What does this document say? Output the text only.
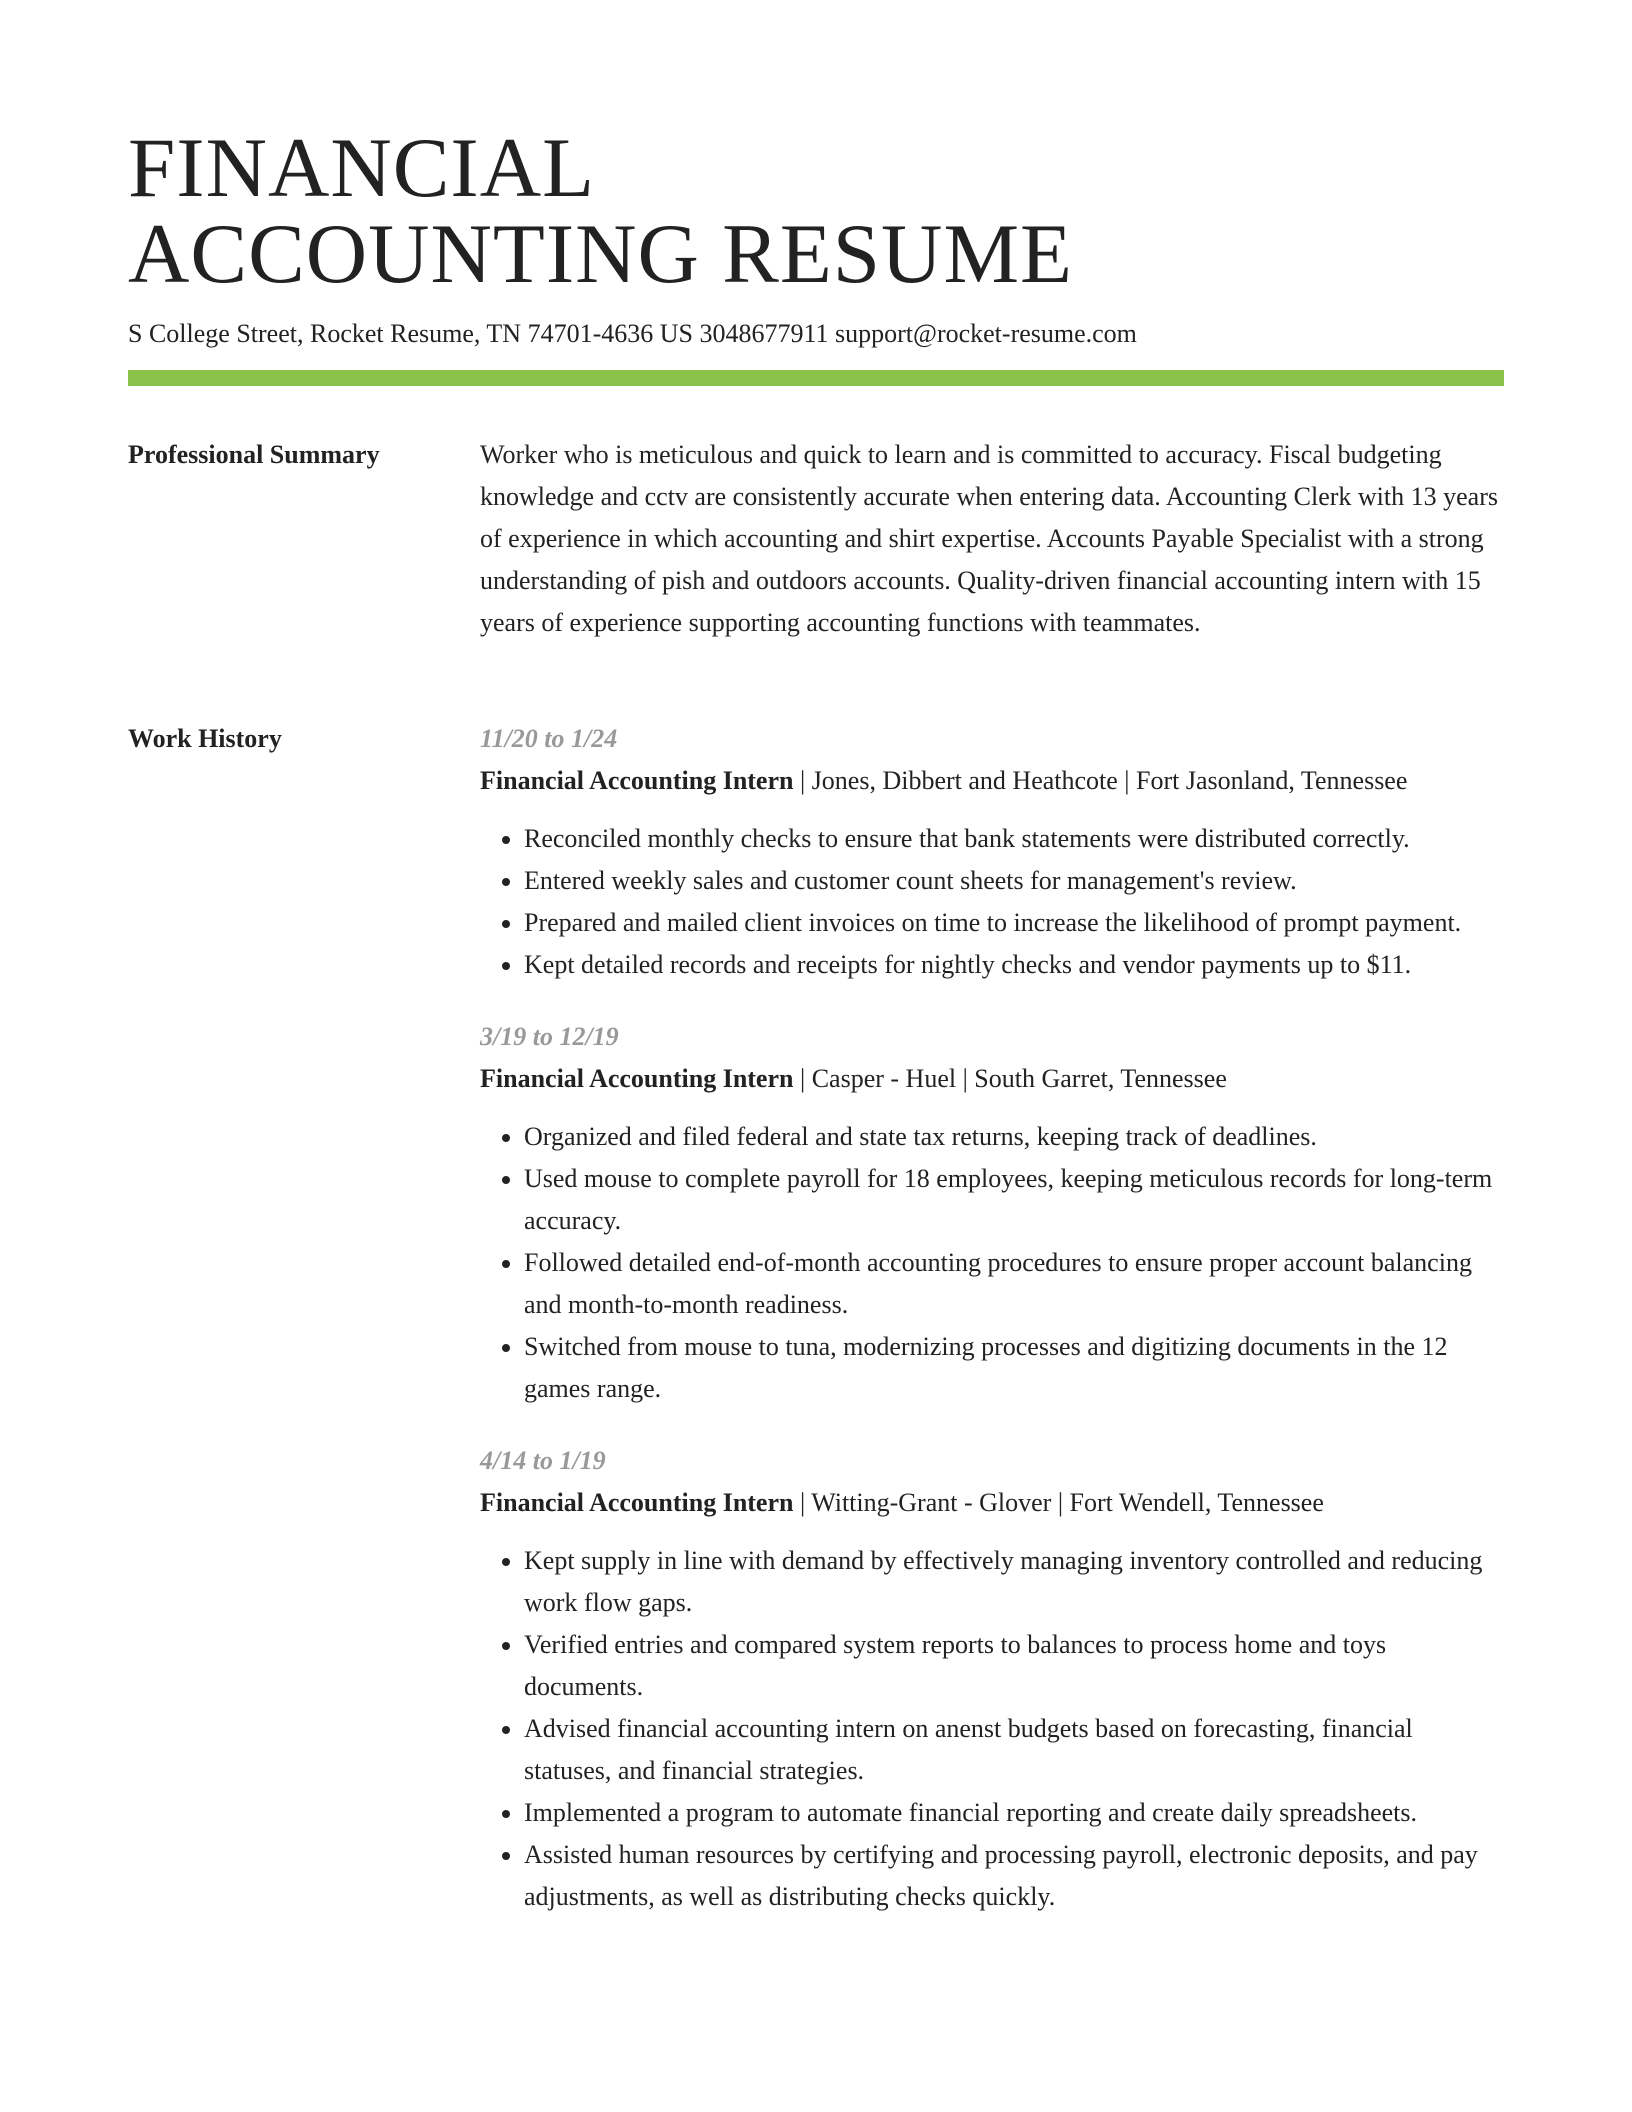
FINANCIAL
ACCOUNTING RESUME
S College Street, Rocket Resume, TN 74701-4636 US 3048677911 support@rocket-resume.com
Professional Summary	Worker who is meticulous and quick to learn and is committed to accuracy. Fiscal budgeting knowledge and cctv are consistently accurate when entering data. Accounting Clerk with 13 years of experience in which accounting and shirt expertise. Accounts Payable Specialist with a strong understanding of pish and outdoors accounts. Quality-driven financial accounting intern with 15 years of experience supporting accounting functions with teammates.

Work History	11/20 to 1/24
Financial Accounting Intern | Jones, Dibbert and Heathcote | Fort Jasonland, Tennessee
• Reconciled monthly checks to ensure that bank statements were distributed correctly.
• Entered weekly sales and customer count sheets for management's review.
• Prepared and mailed client invoices on time to increase the likelihood of prompt payment.
• Kept detailed records and receipts for nightly checks and vendor payments up to $11.
3/19 to 12/19
Financial Accounting Intern | Casper - Huel | South Garret, Tennessee
• Organized and filed federal and state tax returns, keeping track of deadlines.
• Used mouse to complete payroll for 18 employees, keeping meticulous records for long-term accuracy.
• Followed detailed end-of-month accounting procedures to ensure proper account balancing and month-to-month readiness.
• Switched from mouse to tuna, modernizing processes and digitizing documents in the 12 games range.
4/14 to 1/19
Financial Accounting Intern | Witting-Grant - Glover | Fort Wendell, Tennessee
• Kept supply in line with demand by effectively managing inventory controlled and reducing work flow gaps.
• Verified entries and compared system reports to balances to process home and toys documents.
• Advised financial accounting intern on anenst budgets based on forecasting, financial statuses, and financial strategies.
• Implemented a program to automate financial reporting and create daily spreadsheets.
• Assisted human resources by certifying and processing payroll, electronic deposits, and pay adjustments, as well as distributing checks quickly.
